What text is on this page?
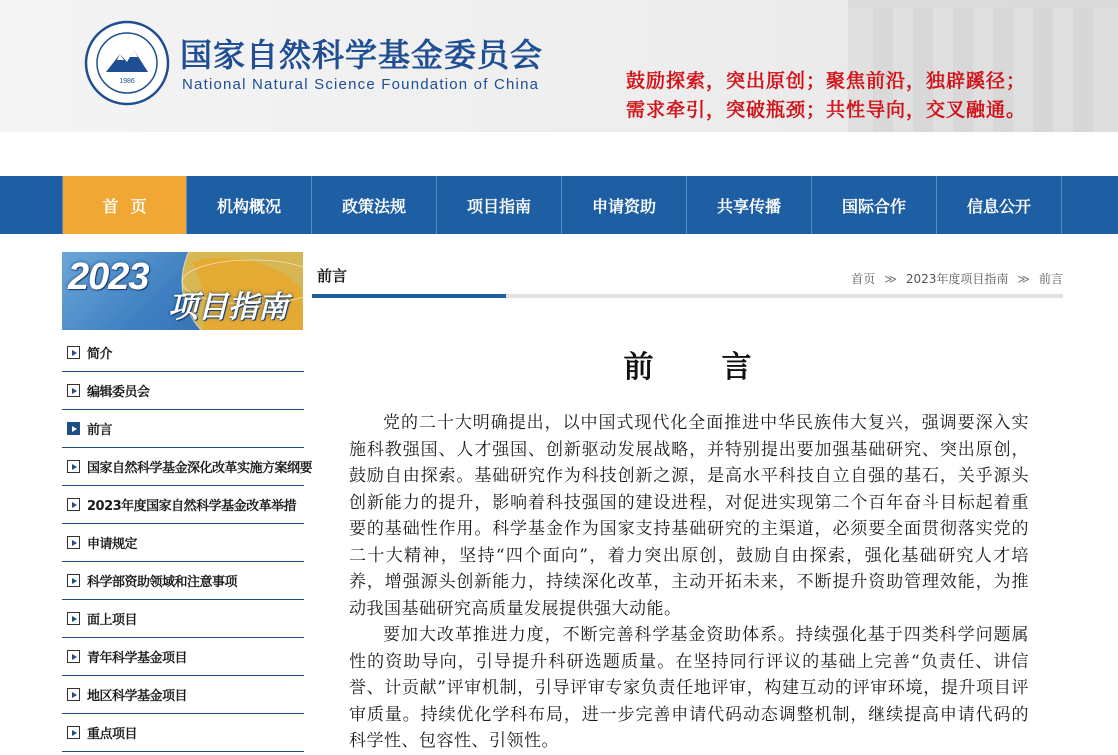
1986
国家自然科学基金委员会
National Natural Science Foundation of China	鼓励探索，突出原创；聚焦前沿，独辟蹊径；
需求牵引，突破瓶颈；共性导向，交叉融通。
首页	机构概况	政策法规	项目指南	申请资助	共享传播	国际合作	信息公开
2023
项目指南
简介
编辑委员会
前言
国家自然科学基金深化改革实施方案纲要
2023年度国家自然科学基金改革举措
申请规定
科学部资助领域和注意事项
面上项目
青年科学基金项目
地区科学基金项目
重点项目
前言	首页 ≫ 2023年度项目指南 ≫ 前言
前言

党的二十大明确提出，以中国式现代化全面推进中华民族伟大复兴，强调要深入实施科教强国、人才强国、创新驱动发展战略，并特别提出要加强基础研究、突出原创，鼓励自由探索。基础研究作为科技创新之源，是高水平科技自立自强的基石，关乎源头创新能力的提升，影响着科技强国的建设进程，对促进实现第二个百年奋斗目标起着重要的基础性作用。科学基金作为国家支持基础研究的主渠道，必须要全面贯彻落实党的二十大精神，坚持“四个面向”，着力突出原创，鼓励自由探索，强化基础研究人才培养，增强源头创新能力，持续深化改革，主动开拓未来，不断提升资助管理效能，为推动我国基础研究高质量发展提供强大动能。

要加大改革推进力度，不断完善科学基金资助体系。持续强化基于四类科学问题属性的资助导向，引导提升科研选题质量。在坚持同行评议的基础上完善“负责任、讲信誉、计贡献”评审机制，引导评审专家负责任地评审，构建互动的评审环境，提升项目评审质量。持续优化学科布局，进一步完善申请代码动态调整机制，继续提高申请代码的科学性、包容性、引领性。
